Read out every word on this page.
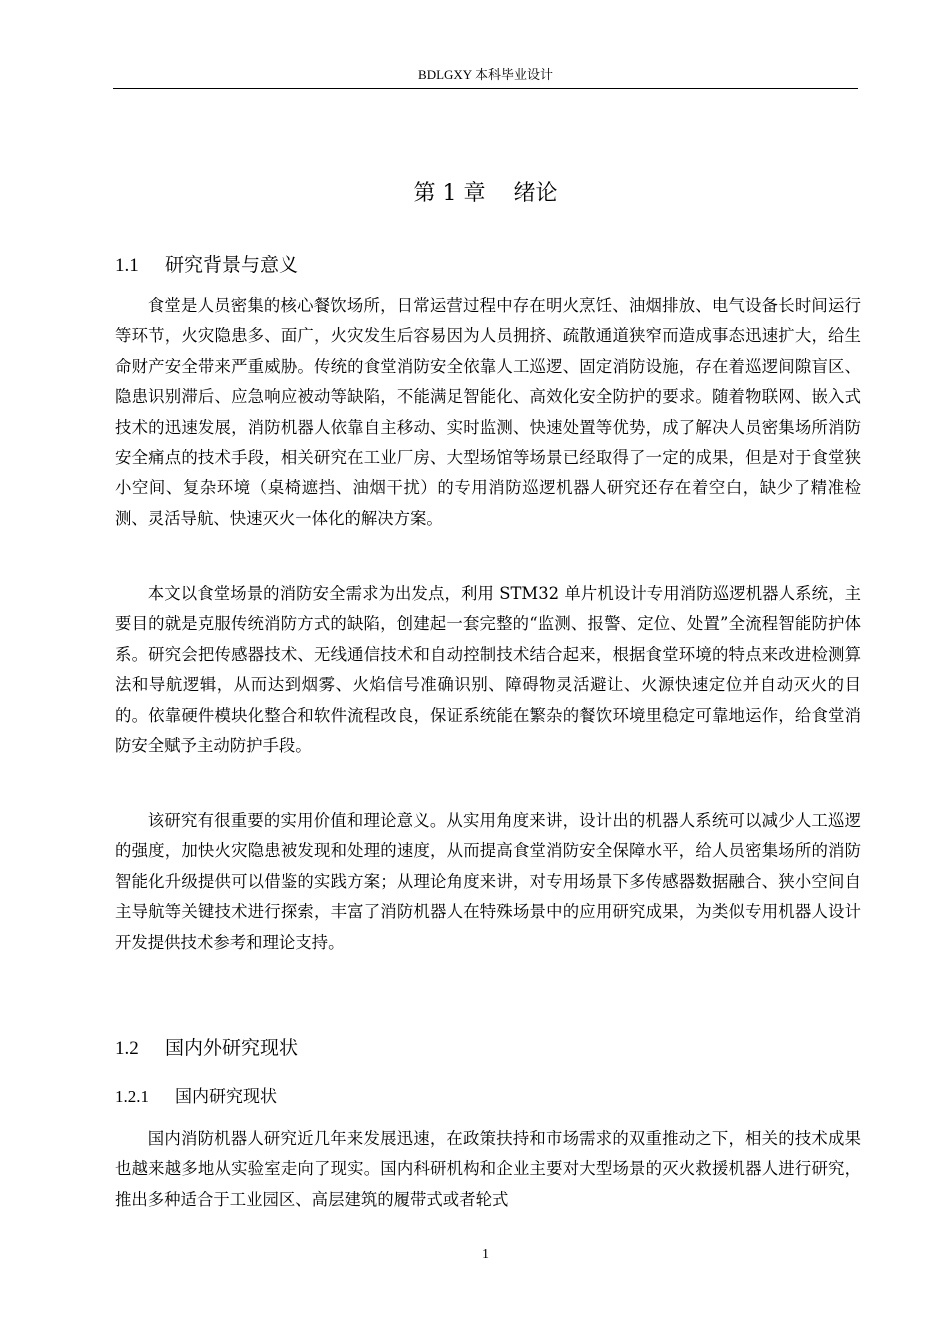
BDLGXY 本科毕业设计
第 1 章    绪论
1.1 研究背景与意义

食堂是人员密集的核心餐饮场所，日常运营过程中存在明火烹饪、油烟排放、电气设备长时间运行等环节，火灾隐患多、面广，火灾发生后容易因为人员拥挤、疏散通道狭窄而造成事态迅速扩大，给生命财产安全带来严重威胁。传统的食堂消防安全依靠人工巡逻、固定消防设施，存在着巡逻间隙盲区、隐患识别滞后、应急响应被动等缺陷，不能满足智能化、高效化安全防护的要求。随着物联网、嵌入式技术的迅速发展，消防机器人依靠自主移动、实时监测、快速处置等优势，成了解决人员密集场所消防安全痛点的技术手段，相关研究在工业厂房、大型场馆等场景已经取得了一定的成果，但是对于食堂狭小空间、复杂环境（桌椅遮挡、油烟干扰）的专用消防巡逻机器人研究还存在着空白，缺少了精准检测、灵活导航、快速灭火一体化的解决方案。

本文以食堂场景的消防安全需求为出发点，利用 STM32 单片机设计专用消防巡逻机器人系统，主要目的就是克服传统消防方式的缺陷，创建起一套完整的“监测、报警、定位、处置”全流程智能防护体系。研究会把传感器技术、无线通信技术和自动控制技术结合起来，根据食堂环境的特点来改进检测算法和导航逻辑，从而达到烟雾、火焰信号准确识别、障碍物灵活避让、火源快速定位并自动灭火的目的。依靠硬件模块化整合和软件流程改良，保证系统能在繁杂的餐饮环境里稳定可靠地运作，给食堂消防安全赋予主动防护手段。

该研究有很重要的实用价值和理论意义。从实用角度来讲，设计出的机器人系统可以减少人工巡逻的强度，加快火灾隐患被发现和处理的速度，从而提高食堂消防安全保障水平，给人员密集场所的消防智能化升级提供可以借鉴的实践方案；从理论角度来讲，对专用场景下多传感器数据融合、狭小空间自主导航等关键技术进行探索，丰富了消防机器人在特殊场景中的应用研究成果，为类似专用机器人设计开发提供技术参考和理论支持。

1.2 国内外研究现状
1.2.1 国内研究现状

国内消防机器人研究近几年来发展迅速，在政策扶持和市场需求的双重推动之下，相关的技术成果也越来越多地从实验室走向了现实。国内科研机构和企业主要对大型场景的灭火救援机器人进行研究，推出多种适合于工业园区、高层建筑的履带式或者轮式

1
